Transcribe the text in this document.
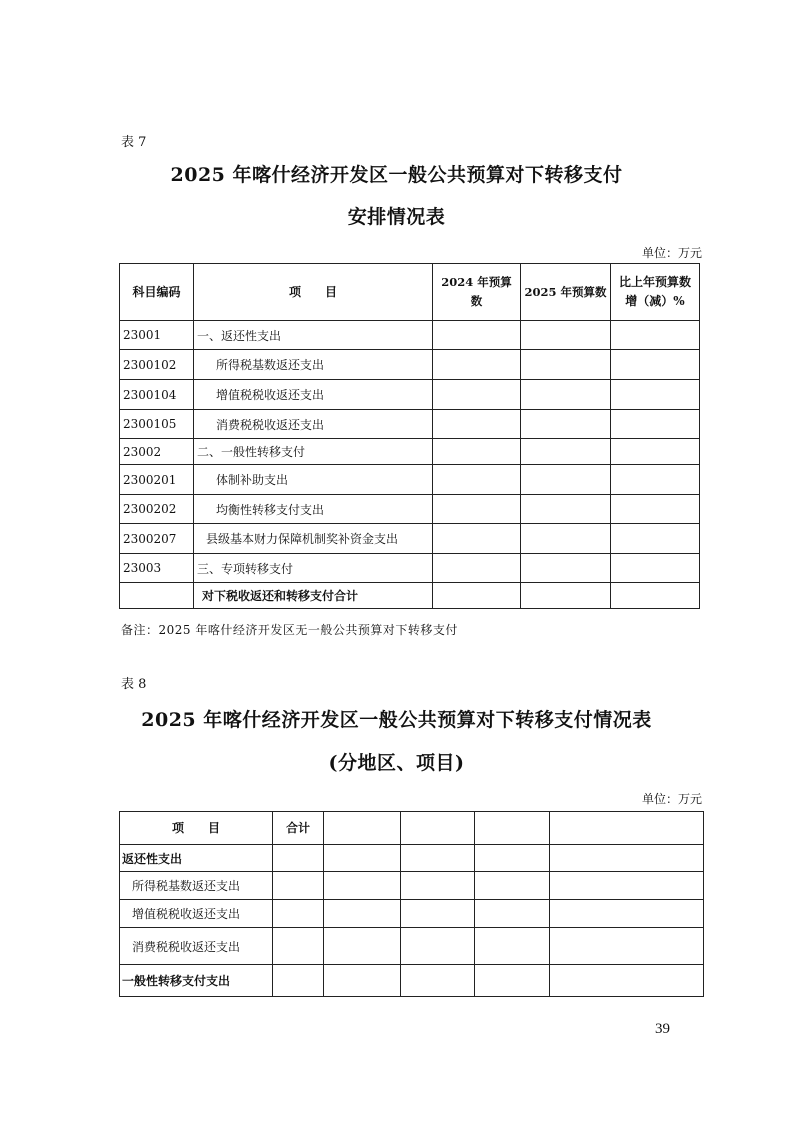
表 7
2025 年喀什经济开发区一般公共预算对下转移支付
安排情况表
单位：万元
科目编码	项　　目	2024 年预算数	2025 年预算数	比上年预算数增（减）%
23001	一、返还性支出			
2300102	所得税基数返还支出			
2300104	增值税税收返还支出			
2300105	消费税税收返还支出			
23002	二、一般性转移支付			
2300201	体制补助支出			
2300202	均衡性转移支付支出			
2300207	县级基本财力保障机制奖补资金支出			
23003	三、专项转移支付			
	对下税收返还和转移支付合计			
备注：2025 年喀什经济开发区无一般公共预算对下转移支付
表 8
2025 年喀什经济开发区一般公共预算对下转移支付情况表
(分地区、项目)
单位：万元
项　　目	合计				
返还性支出					
所得税基数返还支出					
增值税税收返还支出					
消费税税收返还支出					
一般性转移支付支出					
39
